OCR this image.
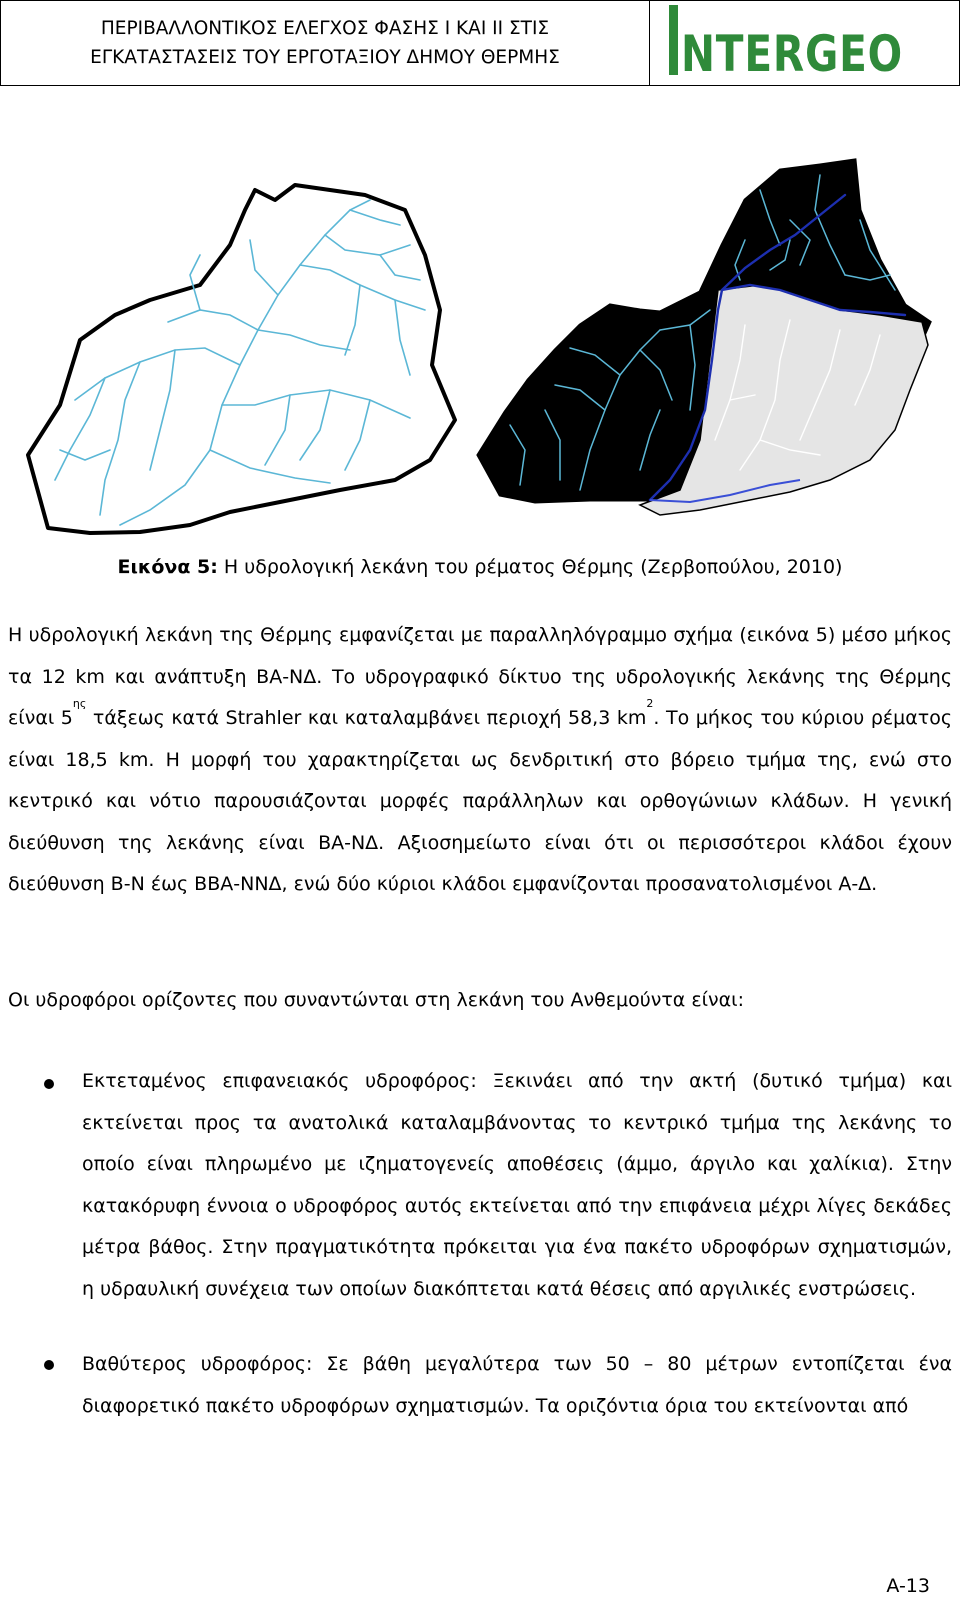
ΠΕΡΙΒΑΛΛΟΝΤΙΚΟΣ ΕΛΕΓΧΟΣ ΦΑΣΗΣ Ι ΚΑΙ ΙΙ ΣΤΙΣ
ΕΓΚΑΤΑΣΤΑΣΕΙΣ ΤΟΥ ΕΡΓΟΤΑΞΙΟΥ ΔΗΜΟΥ ΘΕΡΜΗΣ NTERGEO
Εικόνα 5: Η υδρολογική λεκάνη του ρέματος Θέρμης (Ζερβοπούλου, 2010)
Η υδρολογική λεκάνη της Θέρμης εμφανίζεται με παραλληλόγραμμο σχήμα (εικόνα 5) μέσο μήκος τα 12 km και ανάπτυξη ΒΑ-ΝΔ. Το υδρογραφικό δίκτυο της υδρολογικής λεκάνης της Θέρμης είναι $5^{\eta\varsigma}$ τάξεως κατά Strahler και καταλαμβάνει περιοχή 58,3 $km^2$. Το μήκος του κύριου ρέματος είναι 18,5 km. Η μορφή του χαρακτηρίζεται ως δενδριτική στο βόρειο τμήμα της, ενώ στο κεντρικό και νότιο παρουσιάζονται μορφές παράλληλων και ορθογώνιων κλάδων. Η γενική διεύθυνση της λεκάνης είναι ΒΑ-ΝΔ. Αξιοσημείωτο είναι ότι οι περισσότεροι κλάδοι έχουν διεύθυνση Β-Ν έως ΒΒΑ-ΝΝΔ, ενώ δύο κύριοι κλάδοι εμφανίζονται προσανατολισμένοι Α-Δ.
Οι υδροφόροι ορίζοντες που συναντώνται στη λεκάνη του Ανθεμούντα είναι:
Εκτεταμένος επιφανειακός υδροφόρος: Ξεκινάει από την ακτή (δυτικό τμήμα) και εκτείνεται προς τα ανατολικά καταλαμβάνοντας το κεντρικό τμήμα της λεκάνης το οποίο είναι πληρωμένο με ιζηματογενείς αποθέσεις (άμμο, άργιλο και χαλίκια). Στην κατακόρυφη έννοια ο υδροφόρος αυτός εκτείνεται από την επιφάνεια μέχρι λίγες δεκάδες μέτρα βάθος. Στην πραγματικότητα πρόκειται για ένα πακέτο υδροφόρων σχηματισμών, η υδραυλική συνέχεια των οποίων διακόπτεται κατά θέσεις από αργιλικές ενστρώσεις.
Βαθύτερος υδροφόρος: Σε βάθη μεγαλύτερα των 50 – 80 μέτρων εντοπίζεται ένα διαφορετικό πακέτο υδροφόρων σχηματισμών. Τα οριζόντια όρια του εκτείνονται από
A-13
